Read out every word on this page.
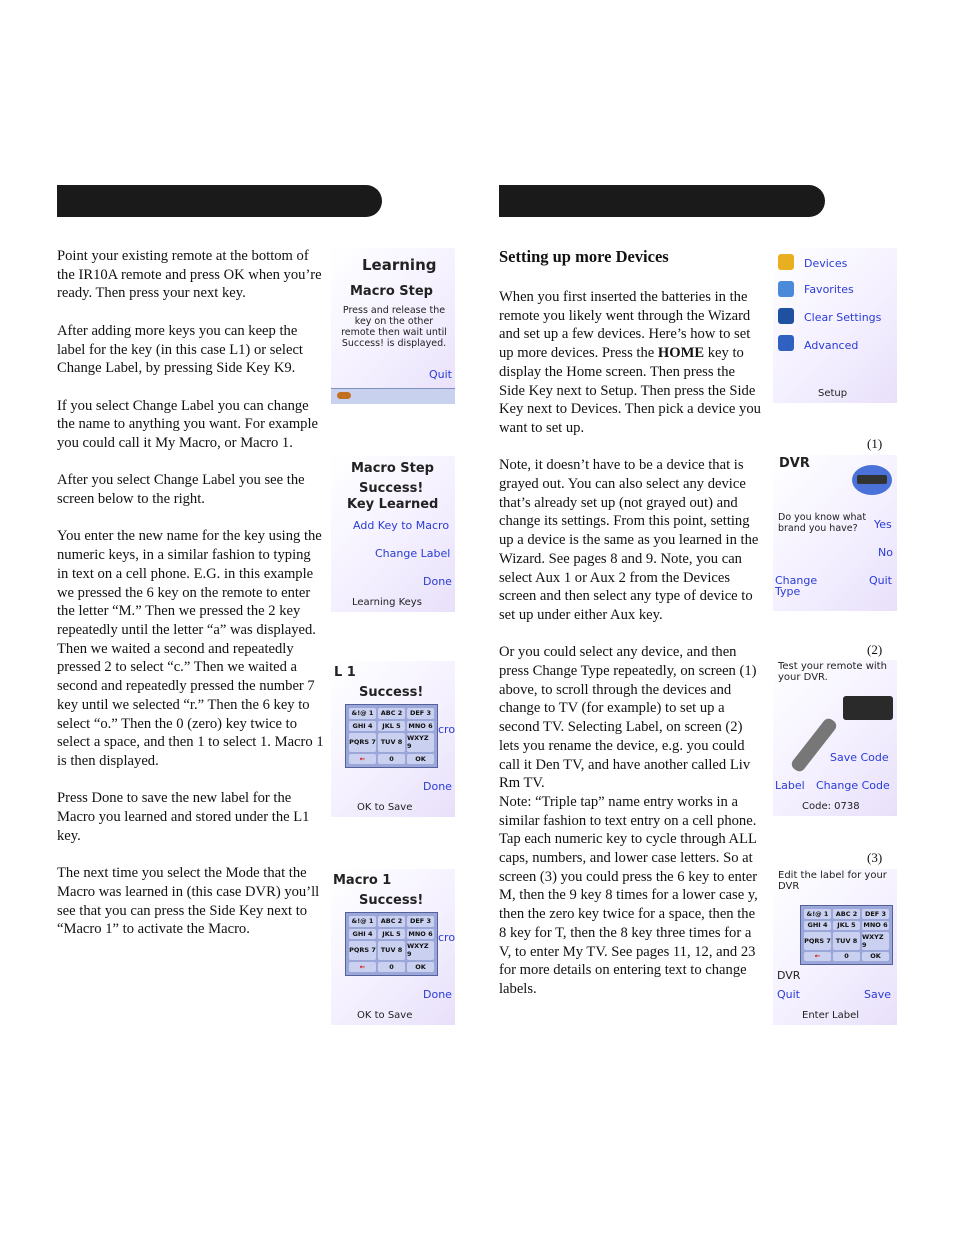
Point your existing remote at the bottom of the IR10A remote and press OK when you’re ready. Then press your next key.

After adding more keys you can keep the label for the key (in this case L1) or select Change Label, by pressing Side Key K9.

If you select Change Label you can change the name to anything you want. For example you could call it My Macro, or Macro 1.

After you select Change Label you see the screen below to the right.

You enter the new name for the key using the numeric keys, in a similar fashion to typing in text on a cell phone. E.G. in this example we pressed the 6 key on the remote to enter the letter “M.” Then we pressed the 2 key repeatedly until the letter “a” was displayed. Then we waited a second and repeatedly pressed 2 to select “c.” Then we waited a second and repeatedly pressed the number 7 key until we selected “r.” Then the 6 key to select “o.” Then the 0 (zero) key twice to select a space, and then 1 to select 1. Macro 1 is then displayed.

Press Done to save the new label for the Macro you learned and stored under the L1 key.

The next time you select the Mode that the Macro was learned in (this case DVR) you’ll see that you can press the Side Key next to “Macro 1” to activate the Macro.

Learning
Macro Step
Press and release the key on the other remote then wait until Success! is displayed.
Quit
Macro Step
Success!
Key Learned
Add Key to Macro
Change Label
Done
Learning Keys
L 1
Success!
&!@ 1	ABC 2	DEF 3
GHI 4	JKL 5	MNO 6
PQRS 7 TUV 8 WXYZ 9
←	0	OK
cro
Done
OK to Save
Macro 1
Success!
&!@ 1	ABC 2	DEF 3
GHI 4	JKL 5	MNO 6
PQRS 7 TUV 8 WXYZ 9
←	0	OK
cro
Done
OK to Save
Setting up more Devices

When you first inserted the batteries in the remote you likely went through the Wizard and set up a few devices. Here’s how to set up more devices. Press the HOME key to display the Home screen. Then press the Side Key next to Setup. Then press the Side Key next to Devices. Then pick a device you want to set up.

Note, it doesn’t have to be a device that is grayed out. You can also select any device that’s already set up (not grayed out) and change its settings. From this point, setting up a device is the same as you learned in the Wizard. See pages 8 and 9. Note, you can select Aux 1 or Aux 2 from the Devices screen and then select any type of device to set up under either Aux key.

Or you could select any device, and then press Change Type repeatedly, on screen (1) above, to scroll through the devices and change to TV (for example) to set up a second TV. Selecting Label, on screen (2) lets you rename the device, e.g. you could call it Den TV, and have another called Liv Rm TV.

Note: “Triple tap” name entry works in a similar fashion to text entry on a cell phone. Tap each numeric key to cycle through ALL caps, numbers, and lower case letters. So at screen (3) you could press the 6 key to enter M, then the 9 key 8 times for a lower case y, then the zero key twice for a space, then the 8 key for T, then the 8 key three times for a V, to enter My TV. See pages 11, 12, and 23 for more details on entering text to change labels.

Devices
Favorites
Clear Settings
Advanced
Setup
(1)
DVR
Do you know what brand you have?	Yes
No
Change Type
Quit
(2)
Test your remote with your DVR.
Save Code
Label Change Code
Code: 0738
(3)
Edit the label for your DVR
&!@ 1	ABC 2	DEF 3
GHI 4	JKL 5	MNO 6
PQRS 7 TUV 8 WXYZ 9
←	0	OK
DVR
Quit	Save
Enter Label
